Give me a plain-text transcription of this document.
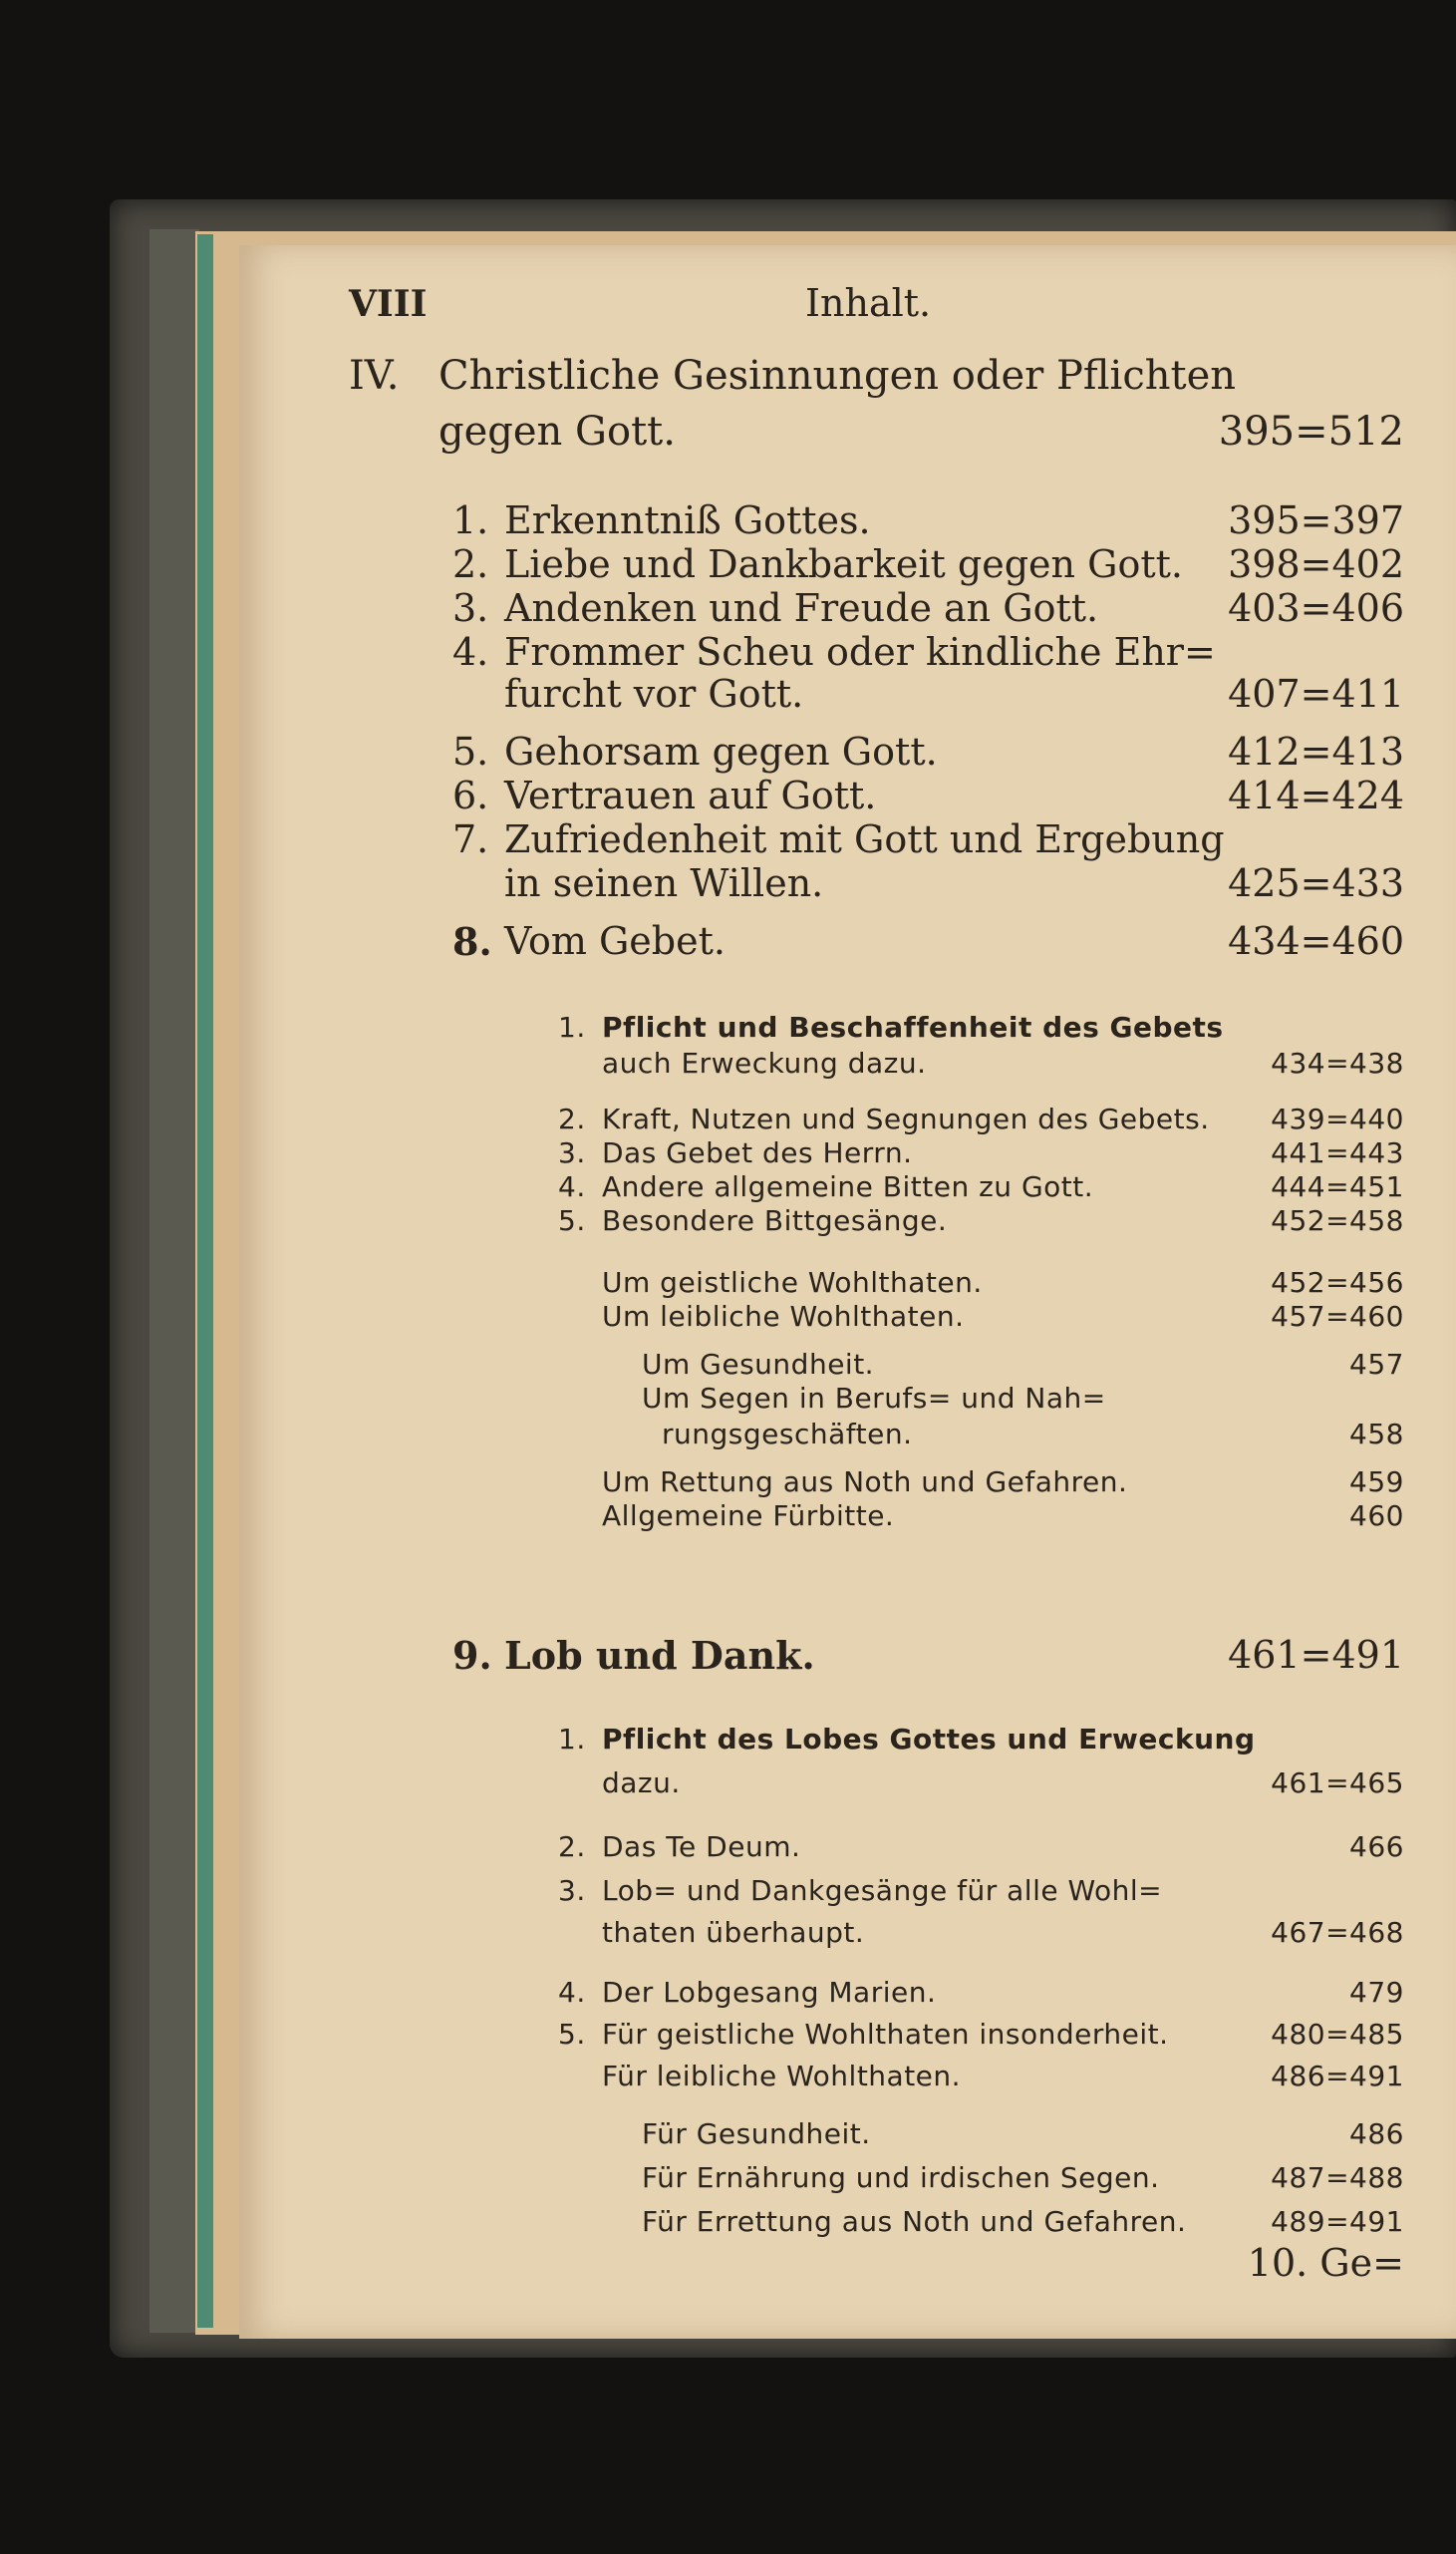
VIII	Inhalt.
IV. Christliche Gesinnungen oder Pflichten
gegen Gott.	395=512
1. Erkenntniß Gottes.	395=397
2. Liebe und Dankbarkeit gegen Gott. 398=402
3. Andenken und Freude an Gott.	403=406
4. Frommer Scheu oder kindliche Ehr=
furcht vor Gott.	407=411
5. Gehorsam gegen Gott.	412=413
6. Vertrauen auf Gott.	414=424
7. Zufriedenheit mit Gott und Ergebung
in seinen Willen.	425=433
8. Vom Gebet.	434=460
1. Pflicht und Beschaffenheit des Gebets
auch Erweckung dazu.	434=438
2. Kraft, Nutzen und Segnungen des Gebets. 439=440
3. Das Gebet des Herrn.	441=443
4. Andere allgemeine Bitten zu Gott.	444=451
5. Besondere Bittgesänge.	452=458
Um geistliche Wohlthaten.	452=456
Um leibliche Wohlthaten.	457=460
Um Gesundheit.	457
Um Segen in Berufs= und Nah=
rungsgeschäften.	458
Um Rettung aus Noth und Gefahren.	459
Allgemeine Fürbitte.	460
9. Lob und Dank.	461=491
1. Pflicht des Lobes Gottes und Erweckung
dazu.	461=465
2. Das Te Deum.	466
3. Lob= und Dankgesänge für alle Wohl=
thaten überhaupt.	467=468
4. Der Lobgesang Marien.	479
5. Für geistliche Wohlthaten insonderheit.	480=485
Für leibliche Wohlthaten.	486=491
Für Gesundheit.	486
Für Ernährung und irdischen Segen.	487=488
Für Errettung aus Noth und Gefahren.	489=491
10. Ge=
